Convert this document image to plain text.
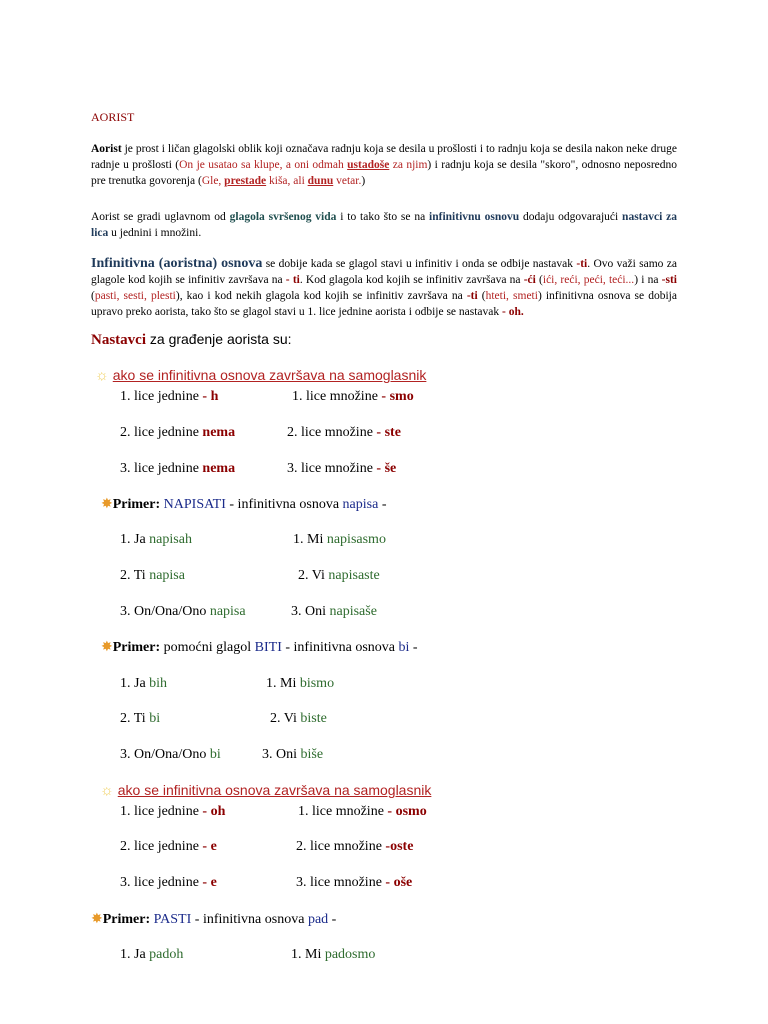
AORIST
Aorist je prost i ličan glagolski oblik koji označava radnju koja se desila u prošlosti i to radnju koja se desila nakon neke druge radnje u prošlosti (On je usatao sa klupe, a oni odmah ustadoše za njim) i radnju koja se desila "skoro", odnosno neposredno pre trenutka govorenja (Gle, prestade kiša, ali dunu vetar.)
Aorist se gradi uglavnom od glagola svršenog vida i to tako što se na infinitivnu osnovu dodaju odgovarajući nastavci za lica u jednini i množini.
Infinitivna (aoristna) osnova se dobije kada se glagol stavi u infinitiv i onda se odbije nastavak -ti. Ovo važi samo za glagole kod kojih se infinitiv završava na - ti. Kod glagola kod kojih se infinitiv završava na -ći (ići, reći, peći, teći...) i na -sti (pasti, sesti, plesti), kao i kod nekih glagola kod kojih se infinitiv završava na -ti (hteti, smeti) infinitivna osnova se dobija upravo preko aorista, tako što se glagol stavi u 1. lice jednine aorista i odbije se nastavak - oh.
Nastavci za građenje aorista su:
☼ ako se infinitivna osnova završava na samoglasnik
1. lice jednine - h	1. lice množine - smo
2. lice jednine nema	2. lice množine - ste
3. lice jednine nema	3. lice množine - še
✸Primer: NAPISATI - infinitivna osnova napisa -
1. Ja napisah	1. Mi napisasmo
2. Ti napisa	2. Vi napisaste
3. On/Ona/Ono napisa	3. Oni napisaše
✸Primer: pomoćni glagol BITI - infinitivna osnova bi -
1. Ja bih	1. Mi bismo
2. Ti bi	2. Vi biste
3. On/Ona/Ono bi	3. Oni biše
☼ ako se infinitivna osnova završava na samoglasnik
1. lice jednine - oh	1. lice množine - osmo
2. lice jednine - e	2. lice množine -oste
3. lice jednine - e	3. lice množine - oše
✸Primer: PASTI - infinitivna osnova pad -
1. Ja padoh	1. Mi padosmo
